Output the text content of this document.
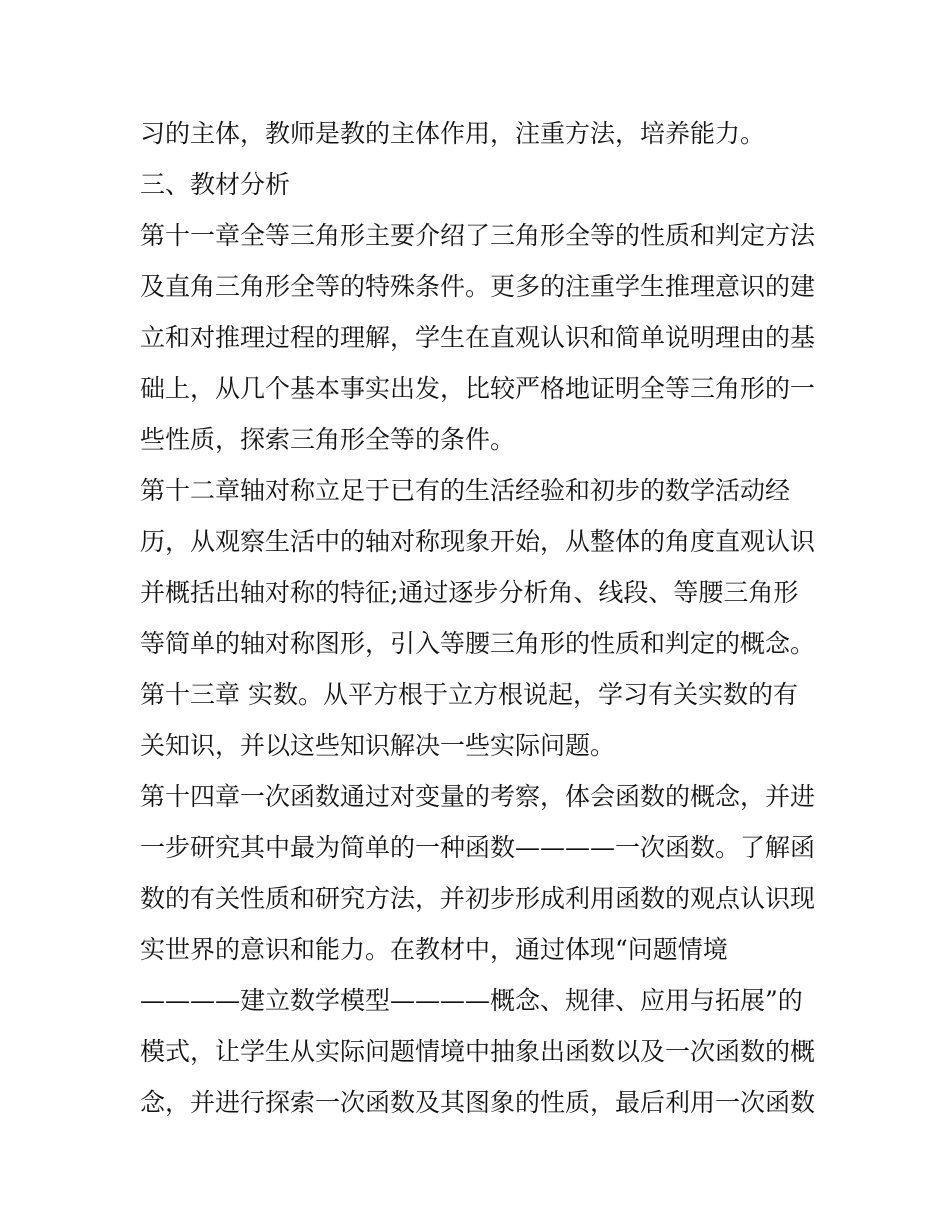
习的主体，教师是教的主体作用，注重方法，培养能力。
三、教材分析
第十一章全等三角形主要介绍了三角形全等的性质和判定方法
及直角三角形全等的特殊条件。更多的注重学生推理意识的建
立和对推理过程的理解，学生在直观认识和简单说明理由的基
础上，从几个基本事实出发，比较严格地证明全等三角形的一
些性质，探索三角形全等的条件。
第十二章轴对称立足于已有的生活经验和初步的数学活动经
历，从观察生活中的轴对称现象开始，从整体的角度直观认识
并概括出轴对称的特征;通过逐步分析角、线段、等腰三角形
等简单的轴对称图形，引入等腰三角形的性质和判定的概念。
第十三章 实数。从平方根于立方根说起，学习有关实数的有
关知识，并以这些知识解决一些实际问题。
第十四章一次函数通过对变量的考察，体会函数的概念，并进
一步研究其中最为简单的一种函数————一次函数。了解函
数的有关性质和研究方法，并初步形成利用函数的观点认识现
实世界的意识和能力。在教材中，通过体现“问题情境
————建立数学模型————概念、规律、应用与拓展”的
模式，让学生从实际问题情境中抽象出函数以及一次函数的概
念，并进行探索一次函数及其图象的性质，最后利用一次函数
